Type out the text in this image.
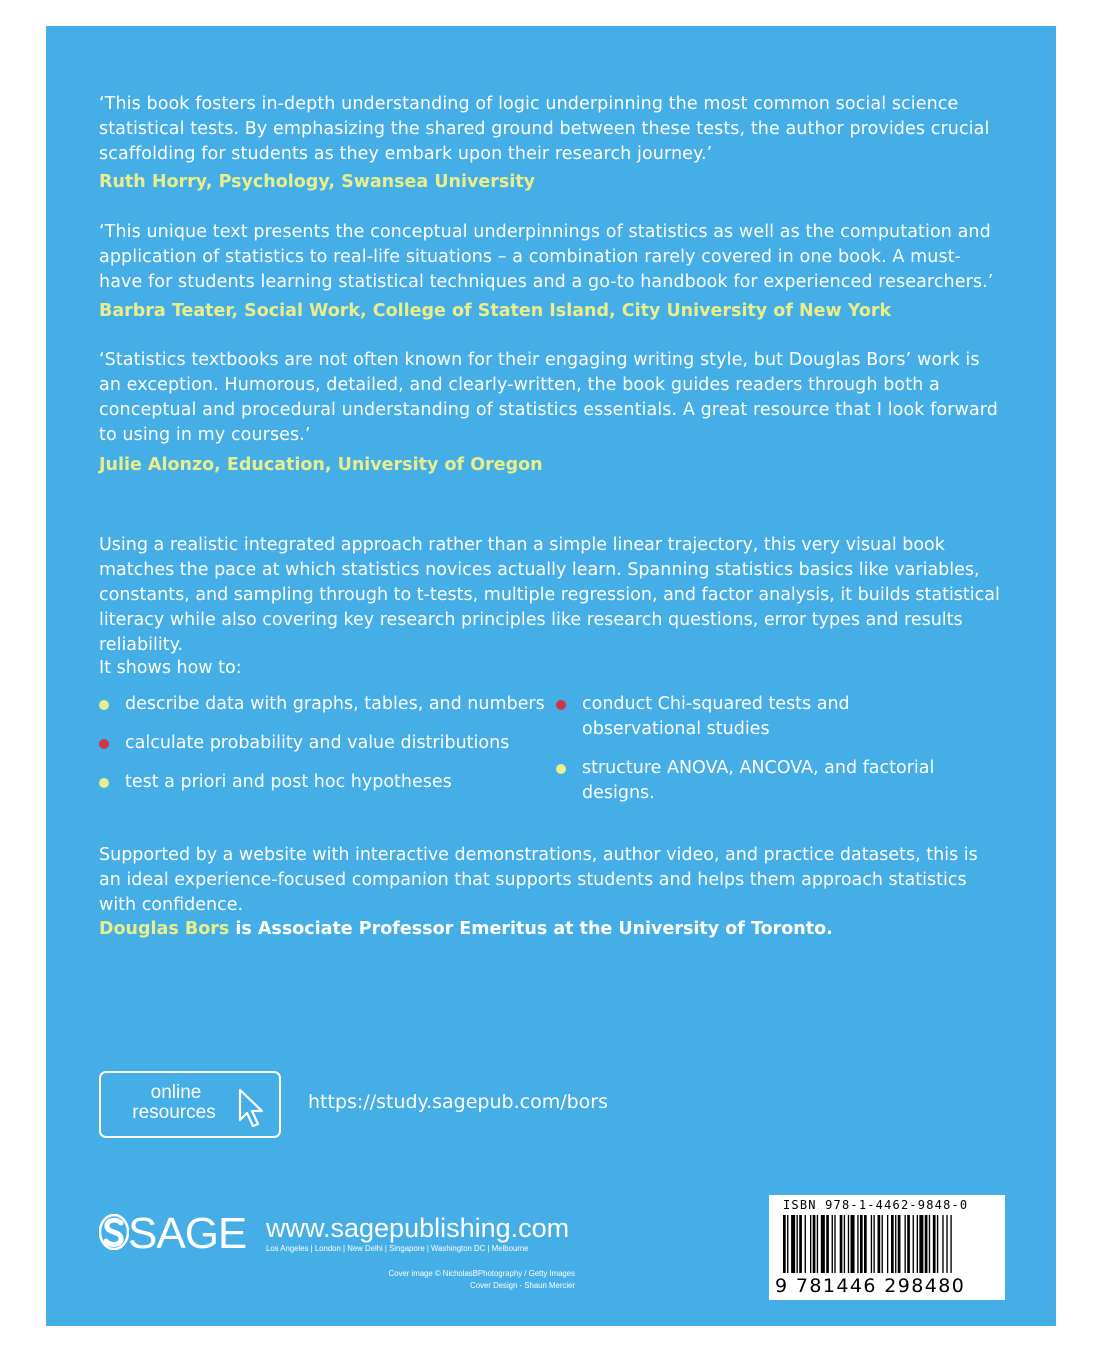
‘This book fosters in-depth understanding of logic underpinning the most common social science statistical tests. By emphasizing the shared ground between these tests, the author provides crucial scaffolding for students as they embark upon their research journey.’
Ruth Horry, Psychology, Swansea University
‘This unique text presents the conceptual underpinnings of statistics as well as the computation and application of statistics to real-life situations – a combination rarely covered in one book. A must-have for students learning statistical techniques and a go-to handbook for experienced researchers.’
Barbra Teater, Social Work, College of Staten Island, City University of New York
‘Statistics textbooks are not often known for their engaging writing style, but Douglas Bors’ work is an exception. Humorous, detailed, and clearly-written, the book guides readers through both a conceptual and procedural understanding of statistics essentials. A great resource that I look forward to using in my courses.’
Julie Alonzo, Education, University of Oregon
Using a realistic integrated approach rather than a simple linear trajectory, this very visual book matches the pace at which statistics novices actually learn. Spanning statistics basics like variables, constants, and sampling through to t-tests, multiple regression, and factor analysis, it builds statistical literacy while also covering key research principles like research questions, error types and results reliability.
It shows how to:
describe data with graphs, tables, and numbers
calculate probability and value distributions
test a priori and post hoc hypotheses
conduct Chi-squared tests and observational studies
structure ANOVA, ANCOVA, and factorial designs.
Supported by a website with interactive demonstrations, author video, and practice datasets, this is an ideal experience-focused companion that supports students and helps them approach statistics with confidence.
Douglas Bors is Associate Professor Emeritus at the University of Toronto.
online
resources	https://study.sagepub.com/bors
SAGE www.sagepublishing.com
Los Angeles | London | New Delhi | Singapore | Washington DC | Melbourne
Cover image © NicholasBPhotography / Getty Images
Cover Design - Shaun Mercier
ISBN 978-1-4462-9848-0
9 781446 298480
